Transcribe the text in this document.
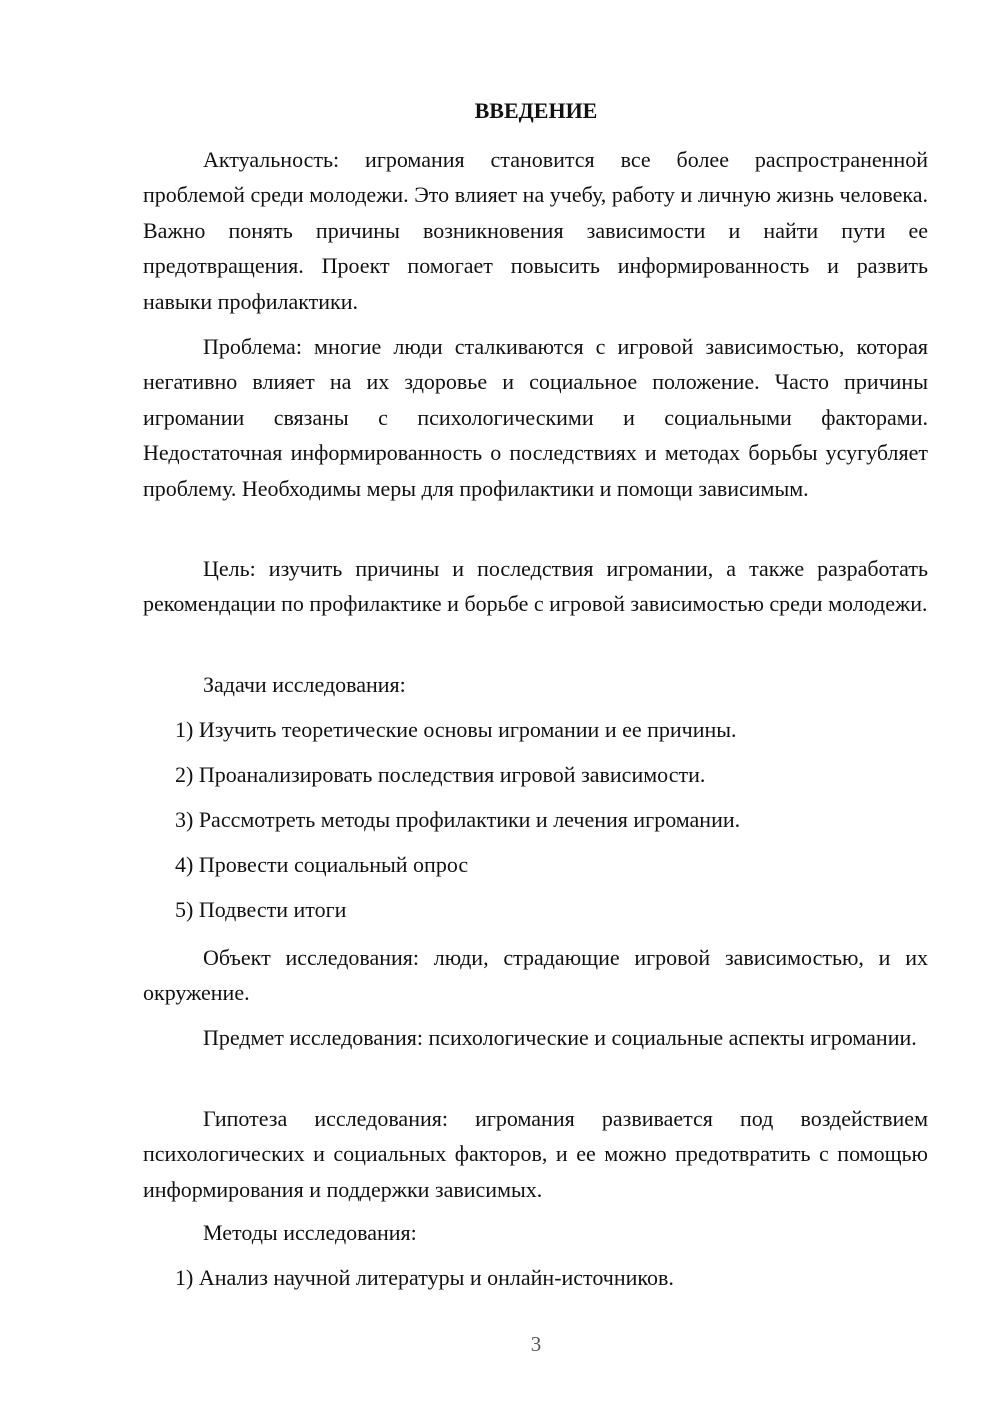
ВВЕДЕНИЕ

Актуальность: игромания становится все более распространенной проблемой среди молодежи. Это влияет на учебу, работу и личную жизнь человека. Важно понять причины возникновения зависимости и найти пути ее предотвращения. Проект помогает повысить информированность и развить навыки профилактики.

Проблема: многие люди сталкиваются с игровой зависимостью, которая негативно влияет на их здоровье и социальное положение. Часто причины игромании связаны с психологическими и социальными факторами. Недостаточная информированность о последствиях и методах борьбы усугубляет проблему. Необходимы меры для профилактики и помощи зависимым.

Цель: изучить причины и последствия игромании, а также разработать рекомендации по профилактике и борьбе с игровой зависимостью среди молодежи.

Задачи исследования:

1) Изучить теоретические основы игромании и ее причины.

2) Проанализировать последствия игровой зависимости.

3) Рассмотреть методы профилактики и лечения игромании.

4) Провести социальный опрос

5) Подвести итоги

Объект исследования: люди, страдающие игровой зависимостью, и их окружение.

Предмет исследования: психологические и социальные аспекты игромании.

Гипотеза исследования: игромания развивается под воздействием психологических и социальных факторов, и ее можно предотвратить с помощью информирования и поддержки зависимых.

Методы исследования:

1) Анализ научной литературы и онлайн-источников.

3
